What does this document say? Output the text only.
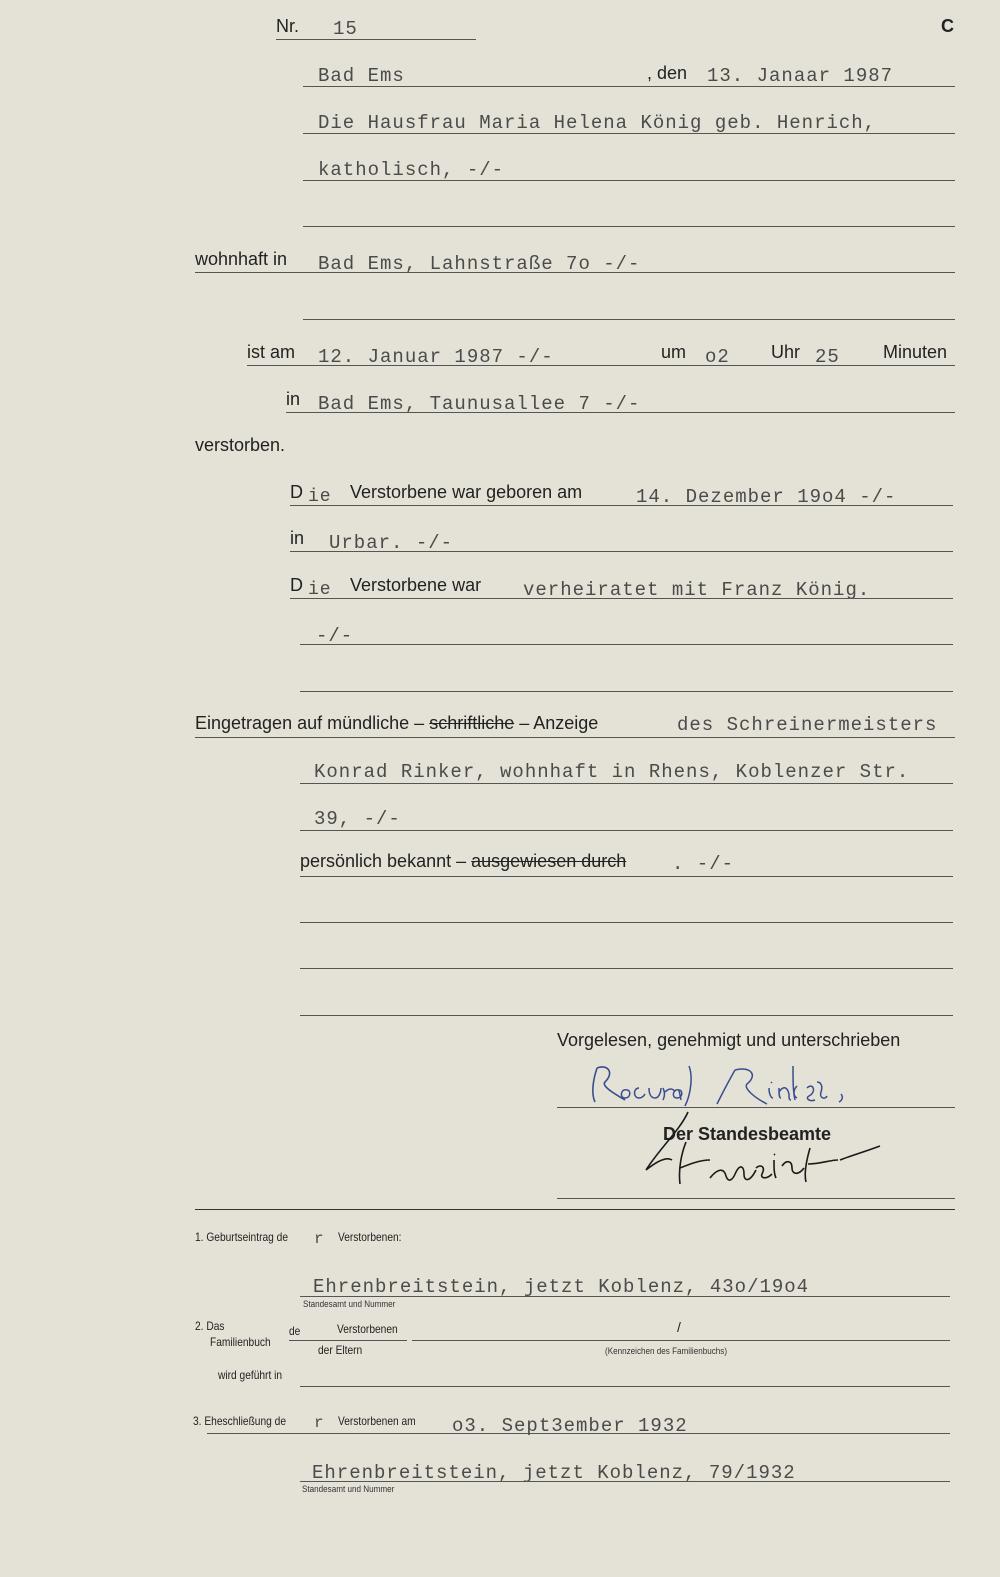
Nr. 15	C
Bad Ems	, den 13. Janaar 1987
Die Hausfrau Maria Helena König geb. Henrich,
katholisch, -/-
wohnhaft in Bad Ems, Lahnstraße 7o -/-
ist am 12. Januar 1987 -/-	um o2 Uhr 25 Minuten
in Bad Ems, Taunusallee 7 -/-
verstorben.
D ie Verstorbene war geboren am	14. Dezember 19o4 -/-
in Urbar. -/-
D ie Verstorbene war verheiratet mit Franz König.
-/-
Eingetragen auf mündliche – schriftliche – Anzeige	des Schreinermeisters
Konrad Rinker, wohnhaft in Rhens, Koblenzer Str.
39, -/-
persönlich bekannt – ausgewiesen durch . -/-
Vorgelesen, genehmigt und unterschrieben
Der Standesbeamte
1. Geburtseintrag de r Verstorbenen:
Ehrenbreitstein, jetzt Koblenz, 43o/19o4
Standesamt und Nummer
2. Das
Familienbuch
de	Verstorbenen
der Eltern
/
(Kennzeichen des Familienbuchs)
wird geführt in
3. Eheschließung de r Verstorbenen am o3. Sept3ember 1932
Ehrenbreitstein, jetzt Koblenz, 79/1932
Standesamt und Nummer
